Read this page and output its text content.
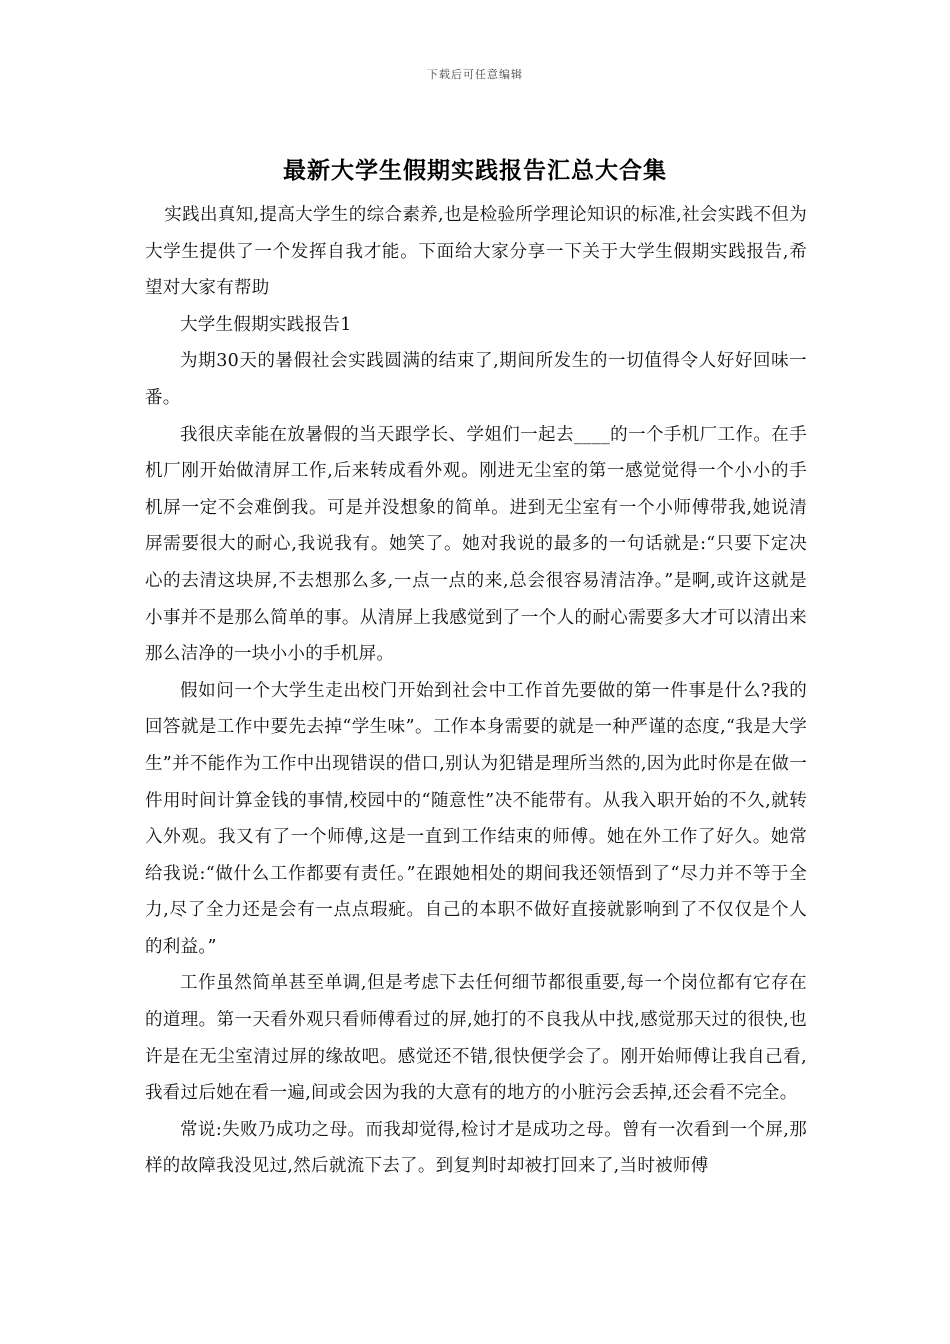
下载后可任意编辑
最新大学生假期实践报告汇总大合集

实践出真知,提高大学生的综合素养,也是检验所学理论知识的标准,社会实践不但为大学生提供了一个发挥自我才能。下面给大家分享一下关于大学生假期实践报告,希望对大家有帮助

大学生假期实践报告1

为期30天的暑假社会实践圆满的结束了,期间所发生的一切值得令人好好回味一番。

我很庆幸能在放暑假的当天跟学长、学姐们一起去____的一个手机厂工作。在手机厂刚开始做清屏工作,后来转成看外观。刚进无尘室的第一感觉觉得一个小小的手机屏一定不会难倒我。可是并没想象的简单。进到无尘室有一个小师傅带我,她说清屏需要很大的耐心,我说我有。她笑了。她对我说的最多的一句话就是:“只要下定决心的去清这块屏,不去想那么多,一点一点的来,总会很容易清洁净。”是啊,或许这就是小事并不是那么简单的事。从清屏上我感觉到了一个人的耐心需要多大才可以清出来那么洁净的一块小小的手机屏。

假如问一个大学生走出校门开始到社会中工作首先要做的第一件事是什么?我的回答就是工作中要先去掉“学生味”。工作本身需要的就是一种严谨的态度,“我是大学生”并不能作为工作中出现错误的借口,别认为犯错是理所当然的,因为此时你是在做一件用时间计算金钱的事情,校园中的“随意性”决不能带有。从我入职开始的不久,就转入外观。我又有了一个师傅,这是一直到工作结束的师傅。她在外工作了好久。她常给我说:“做什么工作都要有责任。”在跟她相处的期间我还领悟到了“尽力并不等于全力,尽了全力还是会有一点点瑕疵。自己的本职不做好直接就影响到了不仅仅是个人的利益。”

工作虽然简单甚至单调,但是考虑下去任何细节都很重要,每一个岗位都有它存在的道理。第一天看外观只看师傅看过的屏,她打的不良我从中找,感觉那天过的很快,也许是在无尘室清过屏的缘故吧。感觉还不错,很快便学会了。刚开始师傅让我自己看,我看过后她在看一遍,间或会因为我的大意有的地方的小脏污会丢掉,还会看不完全。

常说:失败乃成功之母。而我却觉得,检讨才是成功之母。曾有一次看到一个屏,那样的故障我没见过,然后就流下去了。到复判时却被打回来了,当时被师傅
